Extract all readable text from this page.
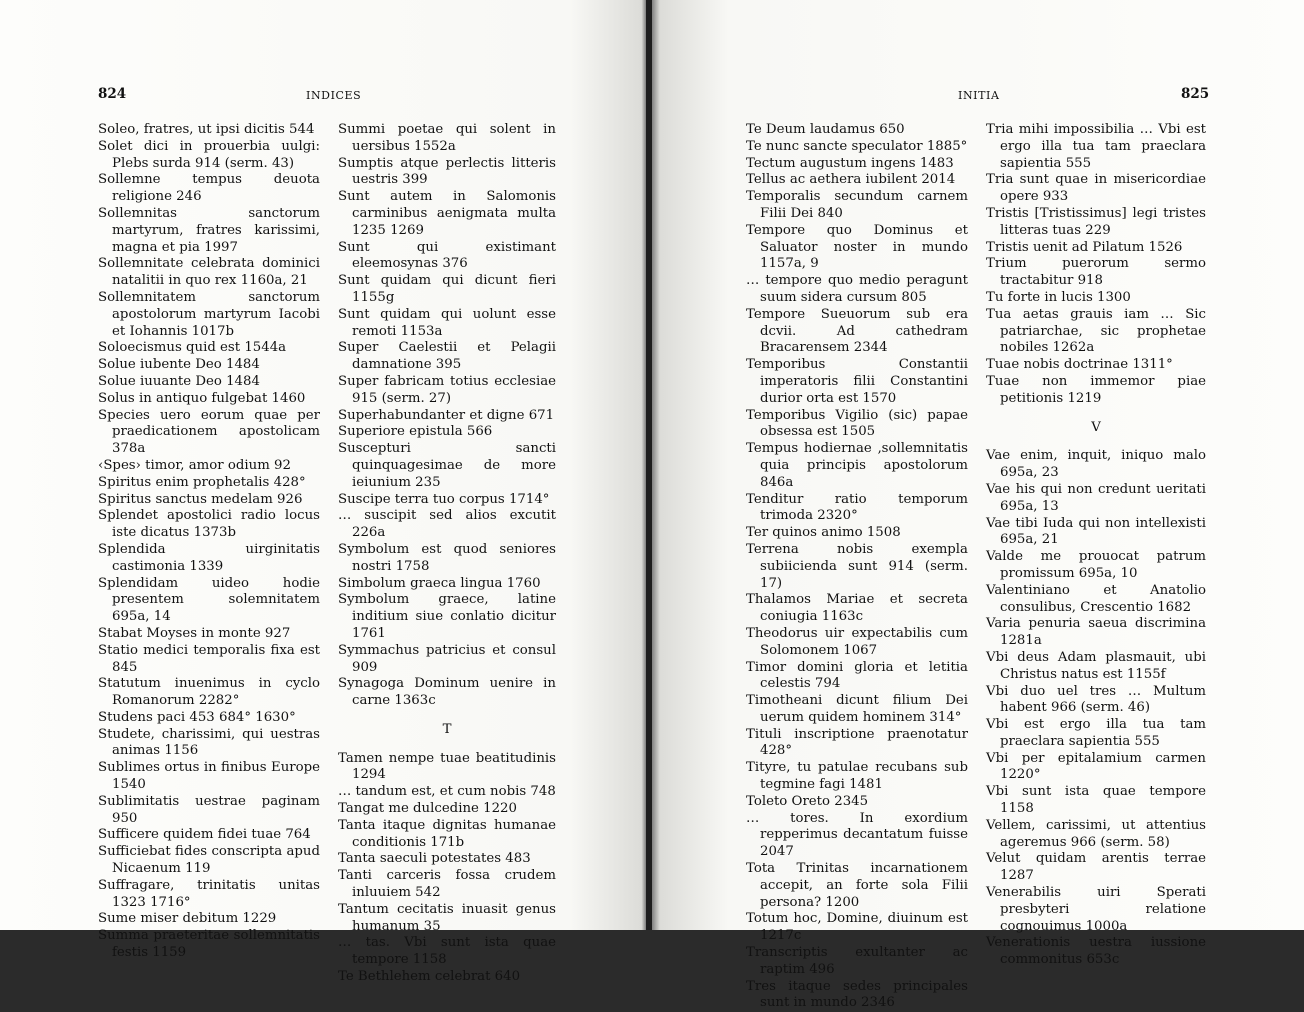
824	INDICES

Soleo, fratres, ut ipsi dicitis 544

Solet dici in prouerbia uulgi: Plebs surda 914 (serm. 43)

Sollemne tempus deuota religione 246

Sollemnitas sanctorum martyrum, fratres karissimi, magna et pia 1997

Sollemnitate celebrata dominici natalitii in quo rex 1160a, 21

Sollemnitatem sanctorum apostolorum martyrum Iacobi et Iohannis 1017b

Soloecismus quid est 1544a

Solue iubente Deo 1484

Solue iuuante Deo 1484

Solus in antiquo fulgebat 1460

Species uero eorum quae per praedicationem apostolicam 378a

‹Spes› timor, amor odium 92

Spiritus enim prophetalis 428°

Spiritus sanctus medelam 926

Splendet apostolici radio locus iste dicatus 1373b

Splendida uirginitatis castimonia 1339

Splendidam uideo hodie presentem solemnitatem 695a, 14

Stabat Moyses in monte 927

Statio medici temporalis fixa est 845

Statutum inuenimus in cyclo Romanorum 2282°

Studens paci 453 684° 1630°

Studete, charissimi, qui uestras animas 1156

Sublimes ortus in finibus Europe 1540

Sublimitatis uestrae paginam 950

Sufficere quidem fidei tuae 764

Sufficiebat fides conscripta apud Nicaenum 119

Suffragare, trinitatis unitas 1323 1716°

Sume miser debitum 1229

Summa praeteritae sollemnitatis festis 1159

Summi poetae qui solent in uersibus 1552a

Sumptis atque perlectis litteris uestris 399

Sunt autem in Salomonis carminibus aenigmata multa 1235 1269

Sunt qui existimant eleemosynas 376

Sunt quidam qui dicunt fieri 1155g

Sunt quidam qui uolunt esse remoti 1153a

Super Caelestii et Pelagii damnatione 395

Super fabricam totius ecclesiae 915 (serm. 27)

Superhabundanter et digne 671

Superiore epistula 566

Suscepturi sancti quinquagesimae de more ieiunium 235

Suscipe terra tuo corpus 1714°

… suscipit sed alios excutit 226a

Symbolum est quod seniores nostri 1758

Simbolum graeca lingua 1760

Symbolum graece, latine inditium siue conlatio dicitur 1761

Symmachus patricius et consul 909

Synagoga Dominum uenire in carne 1363c

T

Tamen nempe tuae beatitudinis 1294

… tandum est, et cum nobis 748

Tangat me dulcedine 1220

Tanta itaque dignitas humanae conditionis 171b

Tanta saeculi potestates 483

Tanti carceris fossa crudem inluuiem 542

Tantum cecitatis inuasit genus humanum 35

… tas. Vbi sunt ista quae tempore 1158

Te Bethlehem celebrat 640

INITIA	825

Te Deum laudamus 650

Te nunc sancte speculator 1885°

Tectum augustum ingens 1483

Tellus ac aethera iubilent 2014

Temporalis secundum carnem Filii Dei 840

Tempore quo Dominus et Saluator noster in mundo 1157a, 9

… tempore quo medio peragunt suum sidera cursum 805

Tempore Sueuorum sub era dcvii. Ad cathedram Bracarensem 2344

Temporibus Constantii imperatoris filii Constantini durior orta est 1570

Temporibus Vigilio (sic) papae obsessa est 1505

Tempus hodiernae ‚sollemnitatis quia principis apostolorum 846a

Tenditur ratio temporum trimoda 2320°

Ter quinos animo 1508

Terrena nobis exempla subiicienda sunt 914 (serm. 17)

Thalamos Mariae et secreta coniugia 1163c

Theodorus uir expectabilis cum Solomonem 1067

Timor domini gloria et letitia celestis 794

Timotheani dicunt filium Dei uerum quidem hominem 314°

Tituli inscriptione praenotatur 428°

Tityre, tu patulae recubans sub tegmine fagi 1481

Toleto Oreto 2345

… tores. In exordium repperimus decantatum fuisse 2047

Tota Trinitas incarnationem accepit, an forte sola Filii persona? 1200

Totum hoc, Domine, diuinum est 1217c

Transcriptis exultanter ac raptim 496

Tres itaque sedes principales sunt in mundo 2346

Tria mihi impossibilia … Vbi est ergo illa tua tam praeclara sapientia 555

Tria sunt quae in misericordiae opere 933

Tristis [Tristissimus] legi tristes litteras tuas 229

Tristis uenit ad Pilatum 1526

Trium puerorum sermo tractabitur 918

Tu forte in lucis 1300

Tua aetas grauis iam … Sic patriarchae, sic prophetae nobiles 1262a

Tuae nobis doctrinae 1311°

Tuae non immemor piae petitionis 1219

V

Vae enim, inquit, iniquo malo 695a, 23

Vae his qui non credunt ueritati 695a, 13

Vae tibi Iuda qui non intellexisti 695a, 21

Valde me prouocat patrum promissum 695a, 10

Valentiniano et Anatolio consulibus, Crescentio 1682

Varia penuria saeua discrimina 1281a

Vbi deus Adam plasmauit, ubi Christus natus est 1155f

Vbi duo uel tres … Multum habent 966 (serm. 46)

Vbi est ergo illa tua tam praeclara sapientia 555

Vbi per epitalamium carmen 1220°

Vbi sunt ista quae tempore 1158

Vellem, carissimi, ut attentius ageremus 966 (serm. 58)

Velut quidam arentis terrae 1287

Venerabilis uiri Sperati presbyteri relatione cognouimus 1000a

Venerationis uestra iussione commonitus 653c
